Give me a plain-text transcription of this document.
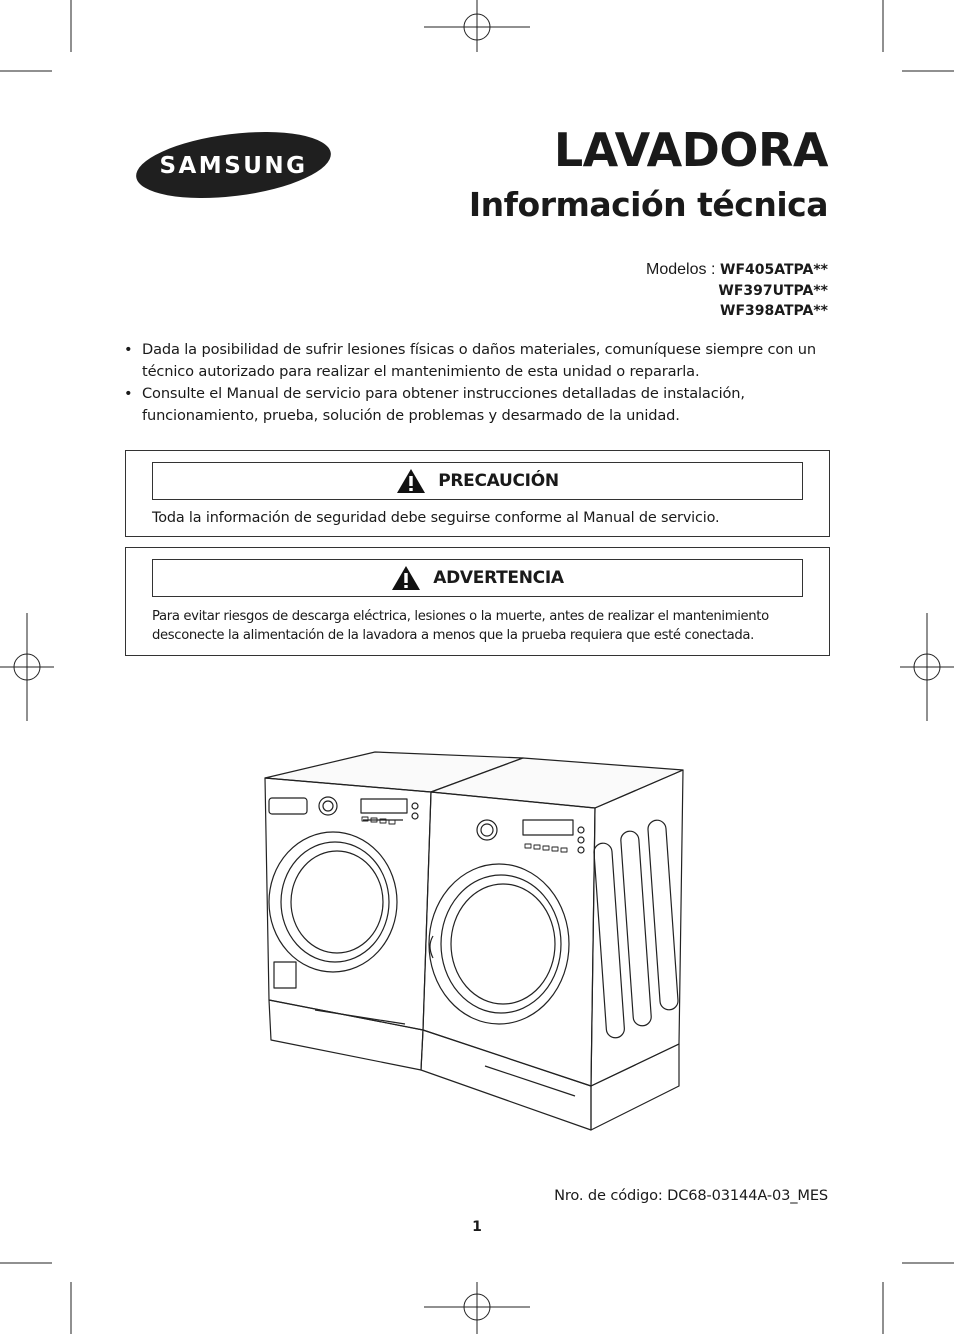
SAMSUNG	LAVADORA
Información técnica
Modelos : WF405ATPA**
WF397UTPA**
WF398ATPA**
• Dada la posibilidad de sufrir lesiones físicas o daños materiales, comuníquese siempre con un técnico autorizado para realizar el mantenimiento de esta unidad o repararla.
• Consulte el Manual de servicio para obtener instrucciones detalladas de instalación, funcionamiento, prueba, solución de problemas y desarmado de la unidad.
PRECAUCIÓN
Toda la información de seguridad debe seguirse conforme al Manual de servicio.
ADVERTENCIA
Para evitar riesgos de descarga eléctrica, lesiones o la muerte, antes de realizar el mantenimiento desconecte la alimentación de la lavadora a menos que la prueba requiera que esté conectada.
Nro. de código: DC68-03144A-03_MES
1
